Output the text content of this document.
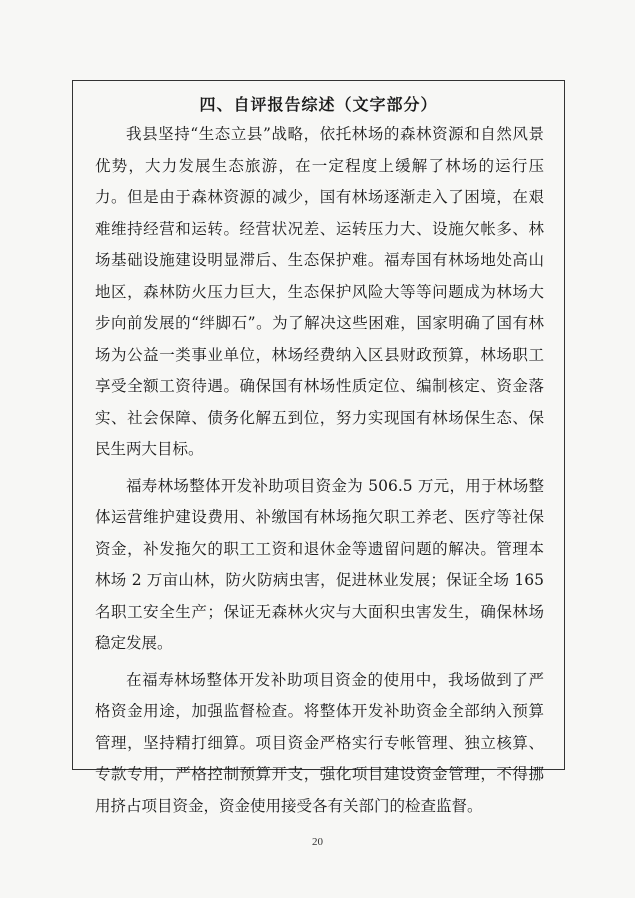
四、自评报告综述（文字部分）

我县坚持“生态立县”战略，依托林场的森林资源和自然风景优势，大力发展生态旅游，在一定程度上缓解了林场的运行压力。但是由于森林资源的减少，国有林场逐渐走入了困境，在艰难维持经营和运转。经营状况差、运转压力大、设施欠帐多、林场基础设施建设明显滞后、生态保护难。福寿国有林场地处高山地区，森林防火压力巨大，生态保护风险大等等问题成为林场大步向前发展的“绊脚石”。为了解决这些困难，国家明确了国有林场为公益一类事业单位，林场经费纳入区县财政预算，林场职工享受全额工资待遇。确保国有林场性质定位、编制核定、资金落实、社会保障、债务化解五到位，努力实现国有林场保生态、保民生两大目标。

福寿林场整体开发补助项目资金为 506.5 万元，用于林场整体运营维护建设费用、补缴国有林场拖欠职工养老、医疗等社保资金，补发拖欠的职工工资和退休金等遗留问题的解决。管理本林场 2 万亩山林，防火防病虫害，促进林业发展；保证全场 165 名职工安全生产；保证无森林火灾与大面积虫害发生，确保林场稳定发展。

在福寿林场整体开发补助项目资金的使用中，我场做到了严格资金用途，加强监督检查。将整体开发补助资金全部纳入预算管理，坚持精打细算。项目资金严格实行专帐管理、独立核算、专款专用，严格控制预算开支，强化项目建设资金管理，不得挪用挤占项目资金，资金使用接受各有关部门的检查监督。

20
